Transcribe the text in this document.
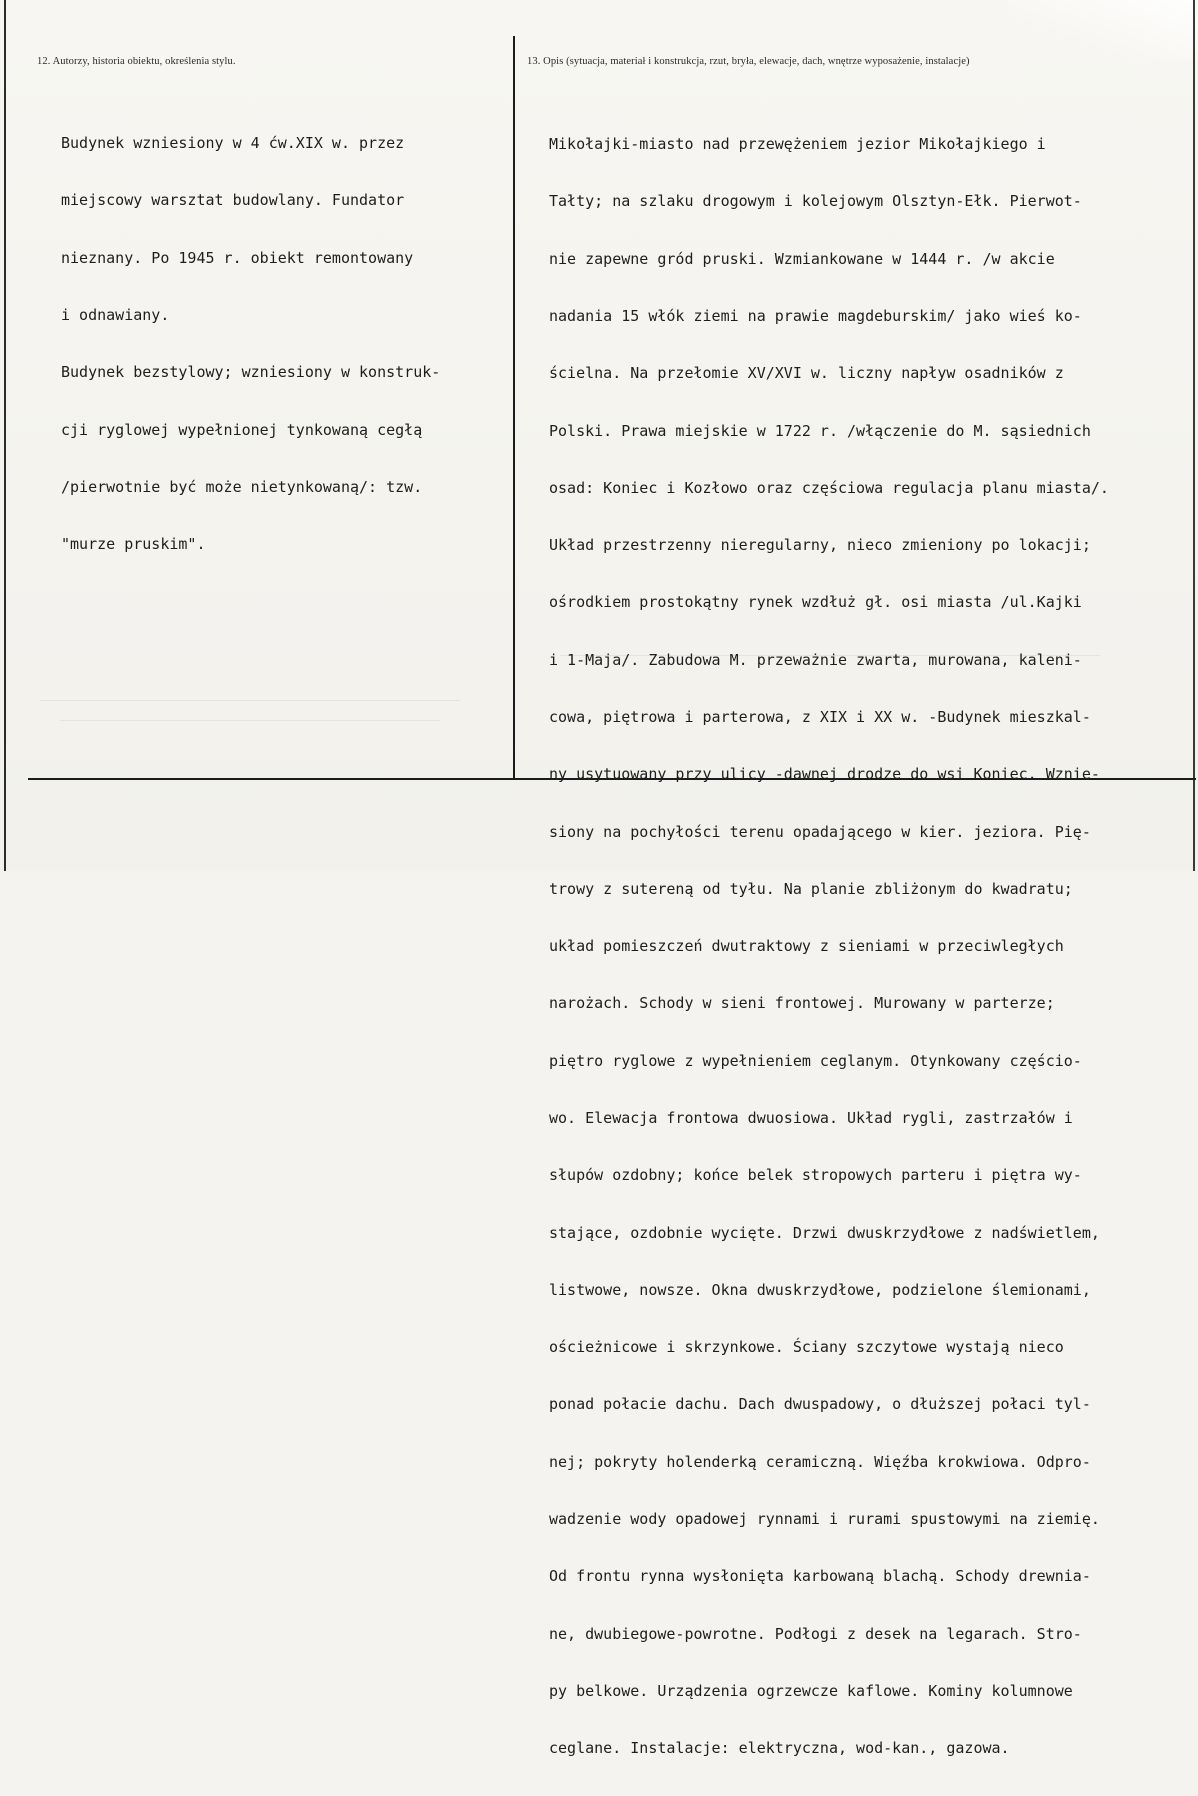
12. Autorzy, historia obiektu, określenia stylu.	13. Opis (sytuacja, materiał i konstrukcja, rzut, bryła, elewacje, dach, wnętrze wyposażenie, instalacje)

Budynek wzniesiony w 4 ćw.XIX w. przez

miejscowy warsztat budowlany. Fundator

nieznany. Po 1945 r. obiekt remontowany

i odnawiany.

Budynek bezstylowy; wzniesiony w konstruk-

cji ryglowej wypełnionej tynkowaną cegłą

/pierwotnie być może nietynkowaną/: tzw.

"murze pruskim".

Mikołajki-miasto nad przewężeniem jezior Mikołajkiego i

Tałty; na szlaku drogowym i kolejowym Olsztyn-Ełk. Pierwot-

nie zapewne gród pruski. Wzmiankowane w 1444 r. /w akcie

nadania 15 włók ziemi na prawie magdeburskim/ jako wieś ko-

ścielna. Na przełomie XV/XVI w. liczny napływ osadników z

Polski. Prawa miejskie w 1722 r. /włączenie do M. sąsiednich

osad: Koniec i Kozłowo oraz częściowa regulacja planu miasta/.

Układ przestrzenny nieregularny, nieco zmieniony po lokacji;

ośrodkiem prostokątny rynek wzdłuż gł. osi miasta /ul.Kajki

i 1-Maja/. Zabudowa M. przeważnie zwarta, murowana, kaleni-

cowa, piętrowa i parterowa, z XIX i XX w. -Budynek mieszkal-

ny usytuowany przy ulicy -dawnej drodze do wsi Koniec. Wznie-

siony na pochyłości terenu opadającego w kier. jeziora. Pię-

trowy z sutereną od tyłu. Na planie zbliżonym do kwadratu;

układ pomieszczeń dwutraktowy z sieniami w przeciwległych

narożach. Schody w sieni frontowej. Murowany w parterze;

piętro ryglowe z wypełnieniem ceglanym. Otynkowany częścio-

wo. Elewacja frontowa dwuosiowa. Układ rygli, zastrzałów i

słupów ozdobny; końce belek stropowych parteru i piętra wy-

stające, ozdobnie wycięte. Drzwi dwuskrzydłowe z nadświetlem,

listwowe, nowsze. Okna dwuskrzydłowe, podzielone ślemionami,

ościeżnicowe i skrzynkowe. Ściany szczytowe wystają nieco

ponad połacie dachu. Dach dwuspadowy, o dłuższej połaci tyl-

nej; pokryty holenderką ceramiczną. Więźba krokwiowa. Odpro-

wadzenie wody opadowej rynnami i rurami spustowymi na ziemię.

Od frontu rynna wysłonięta karbowaną blachą. Schody drewnia-

ne, dwubiegowe-powrotne. Podłogi z desek na legarach. Stro-

py belkowe. Urządzenia ogrzewcze kaflowe. Kominy kolumnowe

ceglane. Instalacje: elektryczna, wod-kan., gazowa.
